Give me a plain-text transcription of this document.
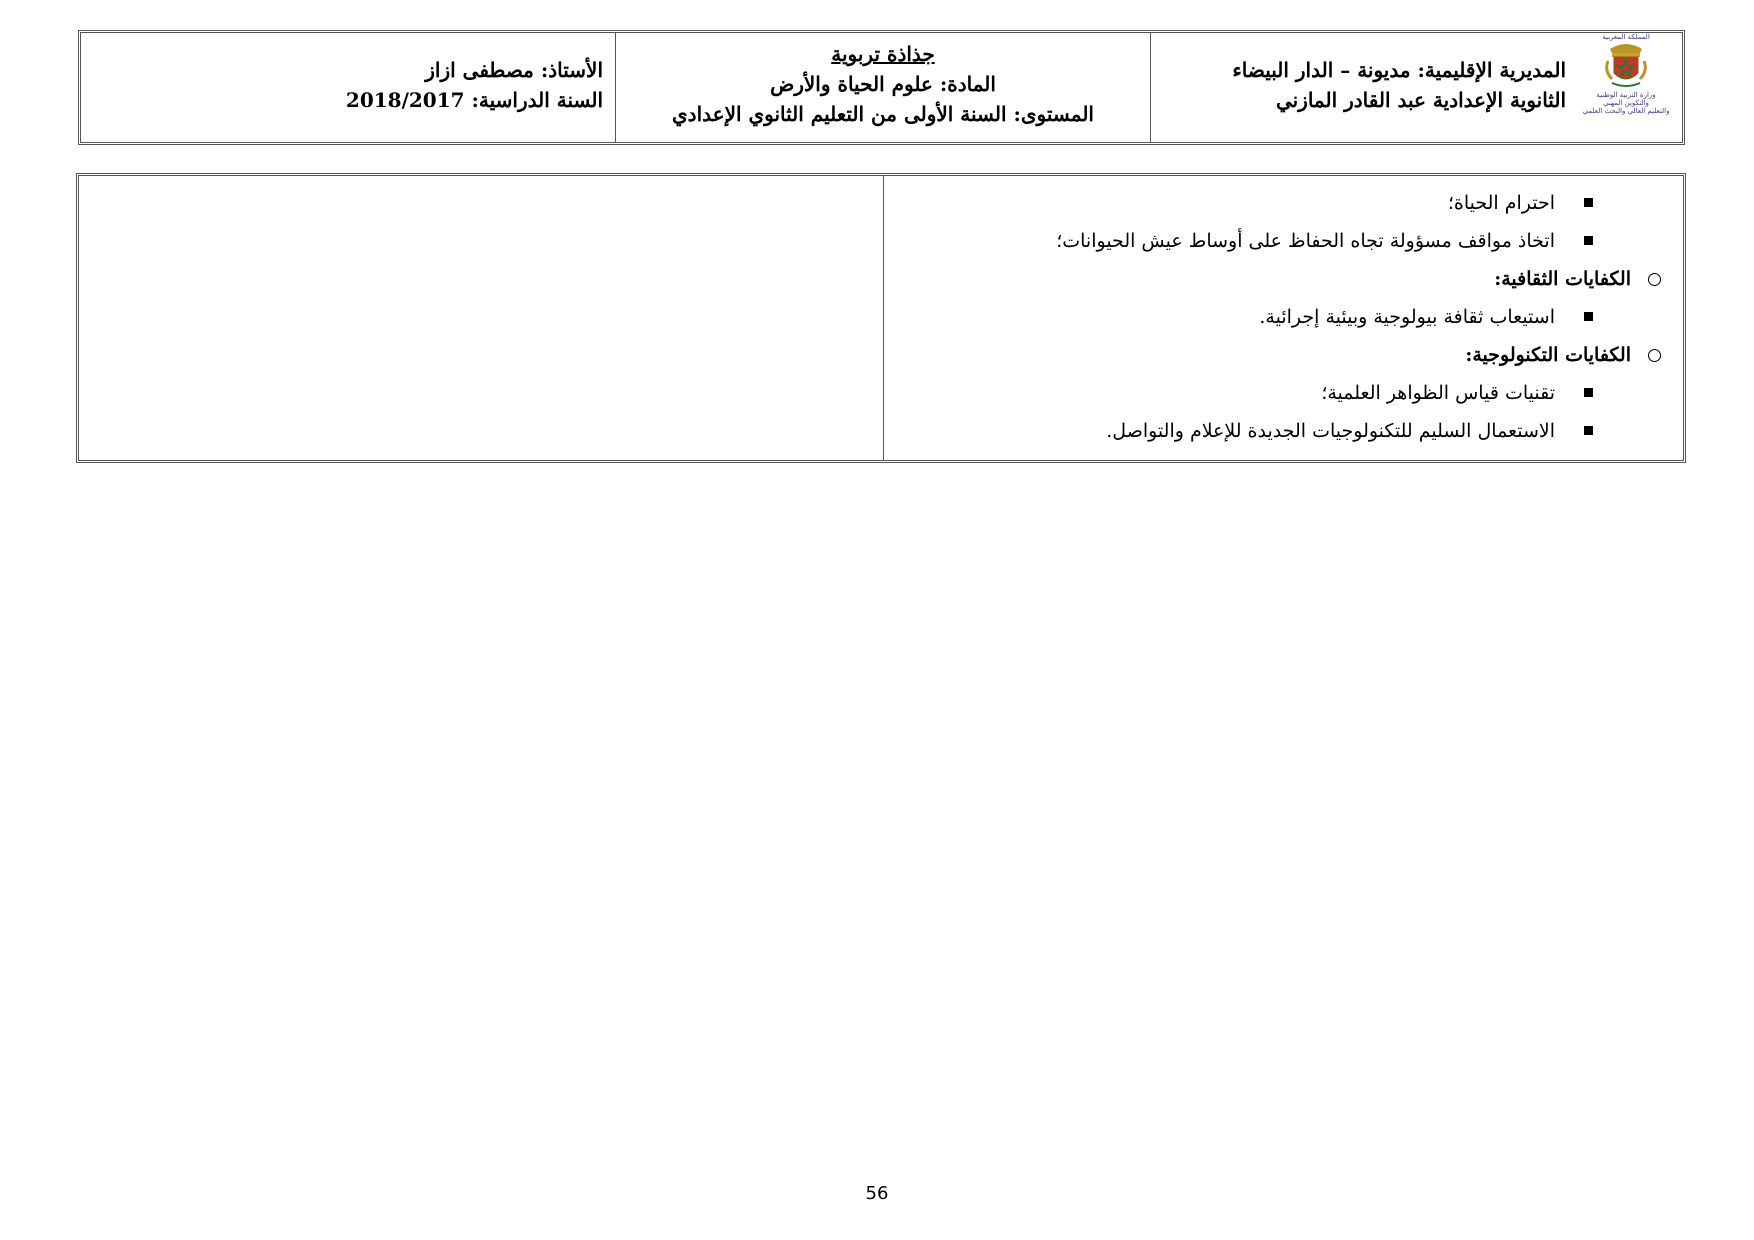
الأستاذ: مصطفى ازاز
السنة الدراسية: 2018/2017
جذاذة تربوية
المادة: علوم الحياة والأرض
المستوى: السنة الأولى من التعليم الثانوي الإعدادي
المملكة المغربية
وزارة التربية الوطنية
والتكوين المهني
والتعليم العالي والبحث العلمي
المديرية الإقليمية: مديونة – الدار البيضاء
الثانوية الإعدادية عبد القادر المازني
احترام الحياة؛
اتخاذ مواقف مسؤولة تجاه الحفاظ على أوساط عيش الحيوانات؛
الكفايات الثقافية:
استيعاب ثقافة بيولوجية وبيئية إجرائية.
الكفايات التكنولوجية:
تقنيات قياس الظواهر العلمية؛
الاستعمال السليم للتكنولوجيات الجديدة للإعلام والتواصل.
56
